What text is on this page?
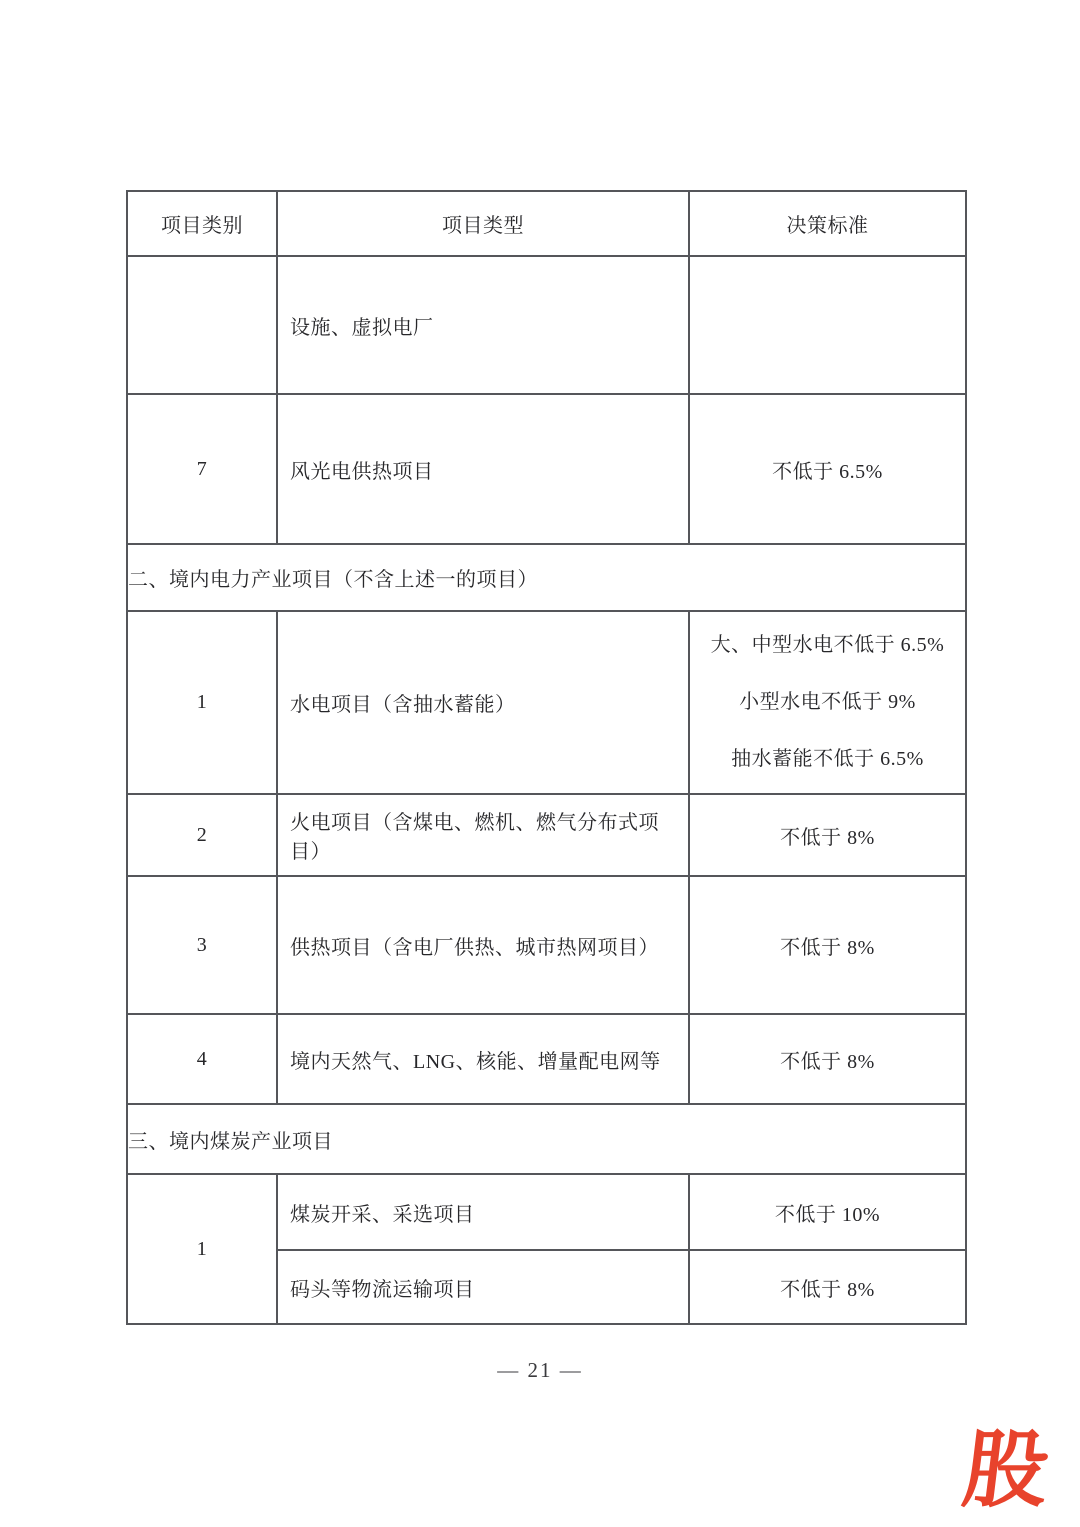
项目类别	项目类型	决策标准
	设施、虚拟电厂	
7	风光电供热项目	不低于 6.5%
二、境内电力产业项目（不含上述一的项目）		
1	水电项目（含抽水蓄能）	大、中型水电不低于 6.5%
小型水电不低于 9%
抽水蓄能不低于 6.5%

2	火电项目（含煤电、燃机、燃气分布式项目）	不低于 8%
3	供热项目（含电厂供热、城市热网项目）	不低于 8%
4	境内天然气、LNG、核能、增量配电网等	不低于 8%
三、境内煤炭产业项目		
1	煤炭开采、采选项目	不低于 10%
	码头等物流运输项目	不低于 8%
— 21 —
股
